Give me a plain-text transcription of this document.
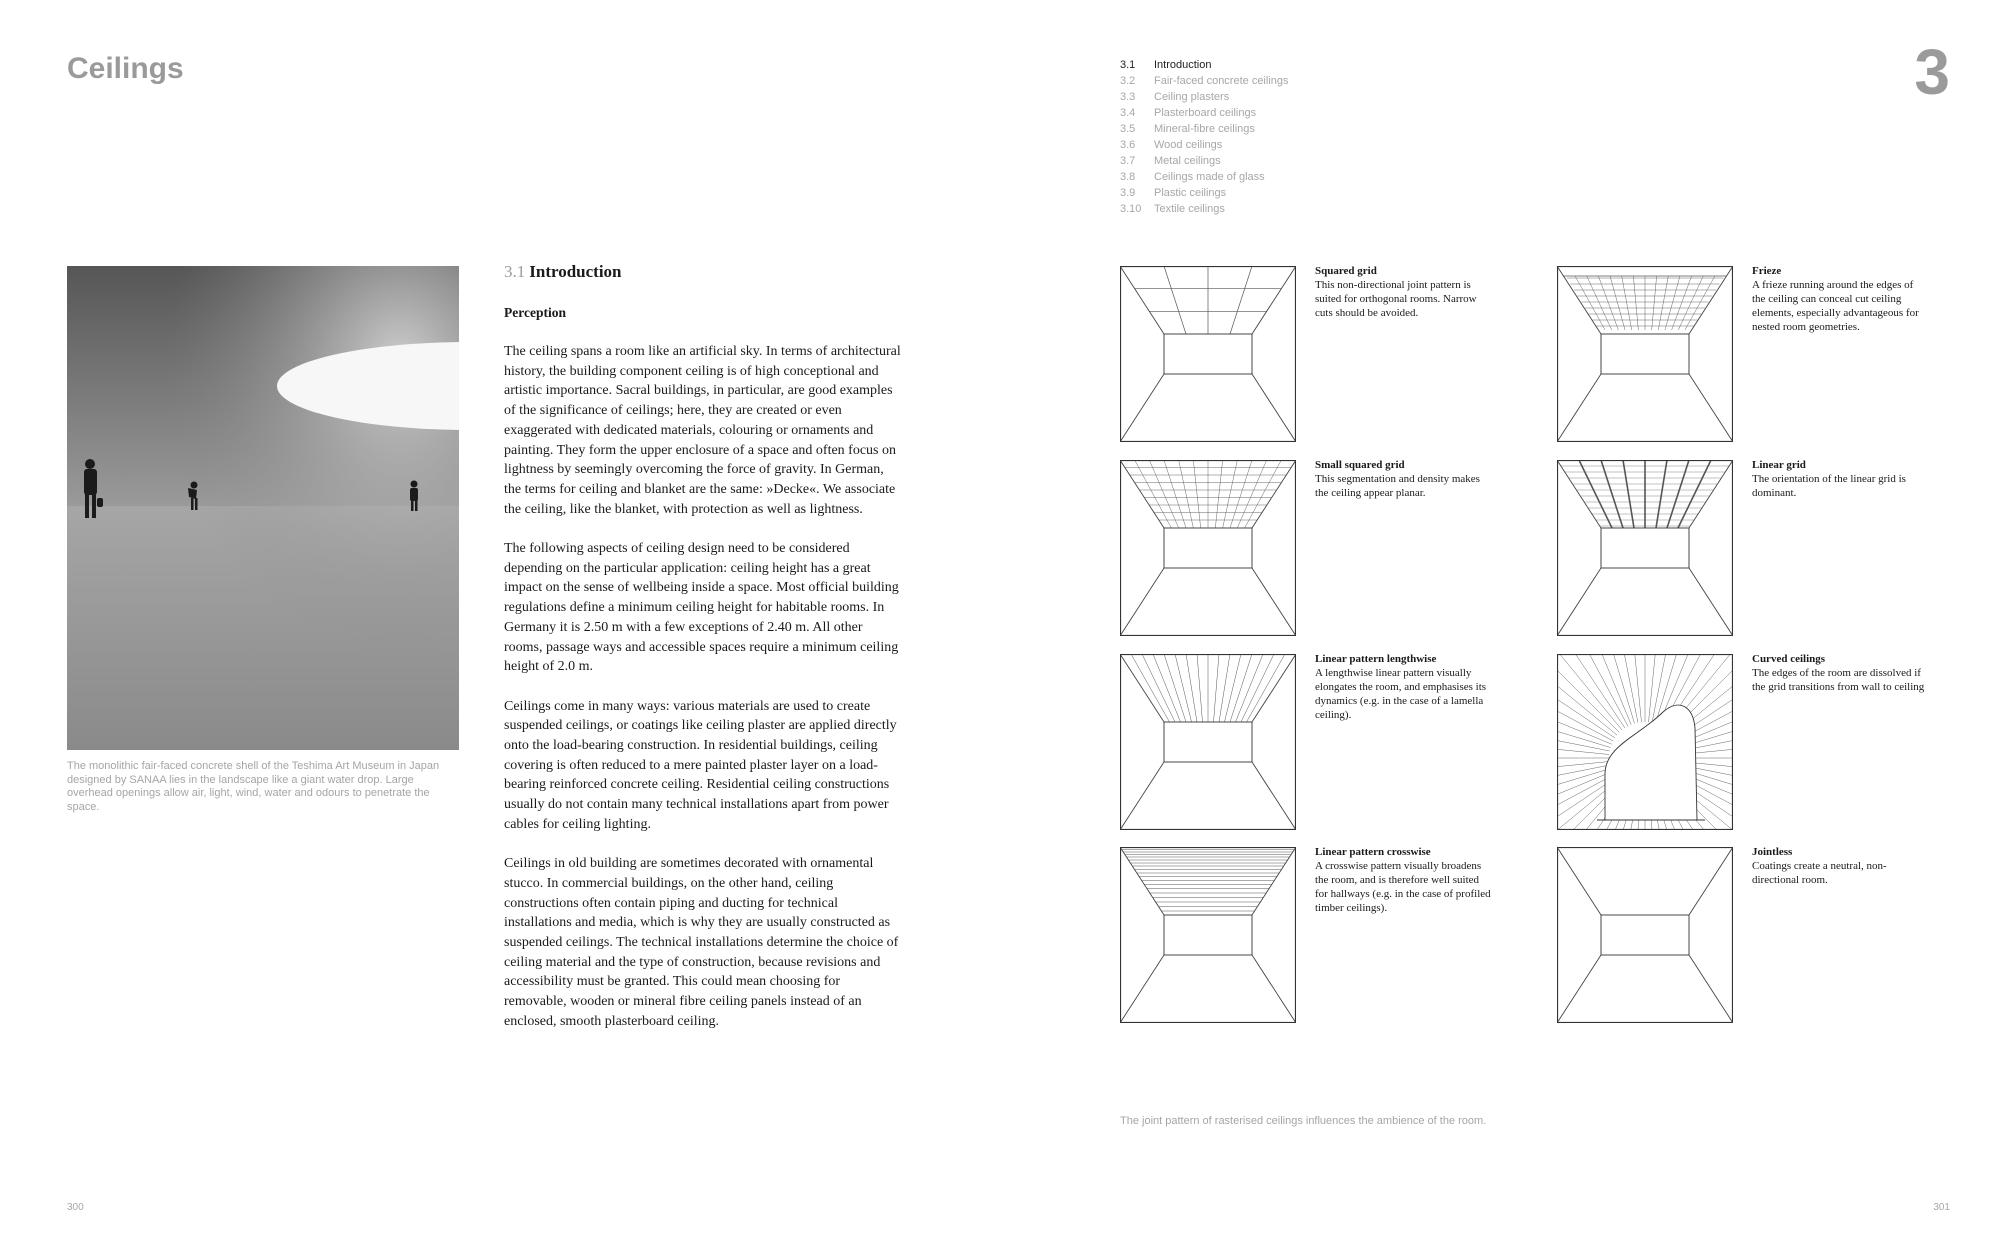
Ceilings

The monolithic fair-faced concrete shell of the Teshima Art Museum in Japan designed by SANAA lies in the landscape like a giant water drop. Large overhead openings allow air, light, wind, water and odours to penetrate the space.

3.1 Introduction
Perception

The ceiling spans a room like an artificial sky. In terms of architectural history, the building component ceiling is of high conceptional and artistic importance. Sacral buildings, in particular, are good examples of the significance of ceilings; here, they are created or even exaggerated with dedicated materials, colouring or ornaments and painting. They form the upper enclosure of a space and often focus on lightness by seemingly overcoming the force of gravity. In German, the terms for ceiling and blanket are the same: »Decke«. We associate the ceiling, like the blanket, with protection as well as lightness.

The following aspects of ceiling design need to be considered depending on the particular application: ceiling height has a great impact on the sense of wellbeing inside a space. Most official building regulations define a minimum ceiling height for habitable rooms. In Germany it is 2.50 m with a few exceptions of 2.40 m. All other rooms, passage ways and accessible spaces require a minimum ceiling height of 2.0 m.

Ceilings come in many ways: various materials are used to create suspended ceilings, or coatings like ceiling plaster are applied directly onto the load-bearing construction. In residential buildings, ceiling covering is often reduced to a mere painted plaster layer on a load-bearing reinforced concrete ceiling. Residential ceiling constructions usually do not contain many technical installations apart from power cables for ceiling lighting.

Ceilings in old building are sometimes decorated with ornamental stucco. In commercial buildings, on the other hand, ceiling constructions often contain piping and ducting for technical installations and media, which is why they are usually constructed as suspended ceilings. The technical installations determine the choice of ceiling material and the type of construction, because revisions and accessibility must be granted. This could mean choosing for removable, wooden or mineral fibre ceiling panels instead of an enclosed, smooth plasterboard ceiling.

300
3.1 Introduction
3.2 Fair-faced concrete ceilings
3.3 Ceiling plasters
3.4 Plasterboard ceilings
3.5 Mineral-fibre ceilings
3.6 Wood ceilings
3.7 Metal ceilings
3.8 Ceilings made of glass
3.9 Plastic ceilings
3.10 Textile ceilings
3

Squared grid

This non-directional joint pattern is suited for orthogonal rooms. Narrow cuts should be avoided.

Frieze

A frieze running around the edges of the ceiling can conceal cut ceiling elements, especially advantageous for nested room geometries.

Small squared grid

This segmentation and density makes the ceiling appear planar.

Linear grid

The orientation of the linear grid is dominant.

Linear pattern lengthwise

A lengthwise linear pattern visually elongates the room, and emphasises its dynamics (e.g. in the case of a lamella ceiling).

Curved ceilings

The edges of the room are dissolved if the grid transitions from wall to ceiling

Linear pattern crosswise

A crosswise pattern visually broadens the room, and is therefore well suited for hallways (e.g. in the case of profiled timber ceilings).

Jointless

Coatings create a neutral, non-directional room.

The joint pattern of rasterised ceilings influences the ambience of the room.

301
